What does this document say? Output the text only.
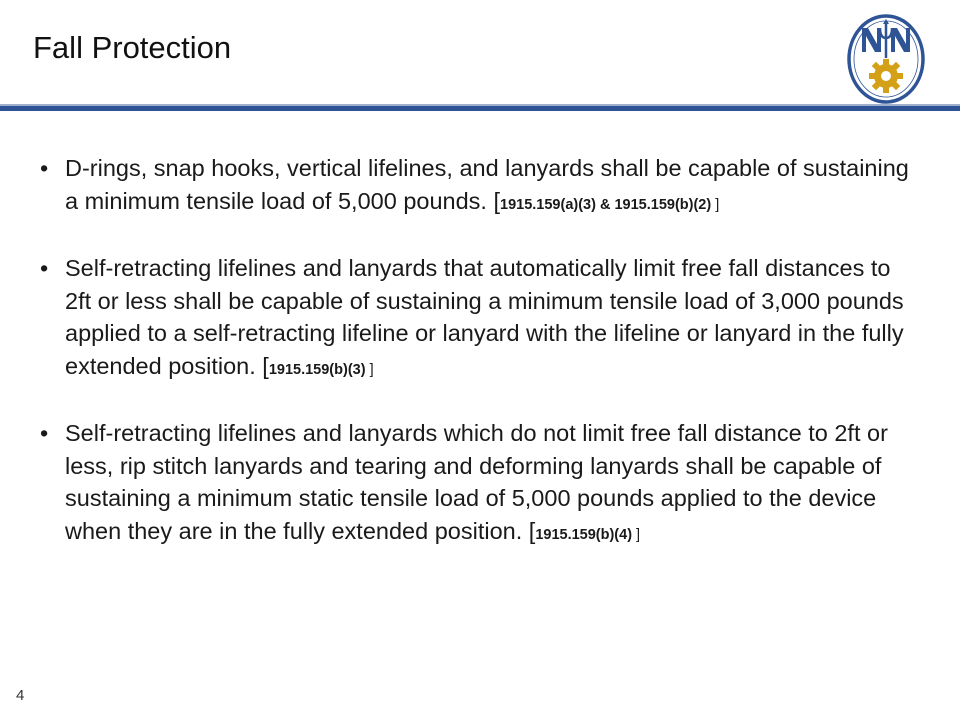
Fall Protection
• D-rings, snap hooks, vertical lifelines, and lanyards shall be capable of sustaining a minimum tensile load of 5,000 pounds. [1915.159(a)(3) & 1915.159(b)(2) ]
• Self-retracting lifelines and lanyards that automatically limit free fall distances to 2ft or less shall be capable of sustaining a minimum tensile load of 3,000 pounds applied to a self-retracting lifeline or lanyard with the lifeline or lanyard in the fully extended position. [1915.159(b)(3) ]
• Self-retracting lifelines and lanyards which do not limit free fall distance to 2ft or less, rip stitch lanyards and tearing and deforming lanyards shall be capable of sustaining a minimum static tensile load of 5,000 pounds applied to the device when they are in the fully extended position. [1915.159(b)(4) ]
4
